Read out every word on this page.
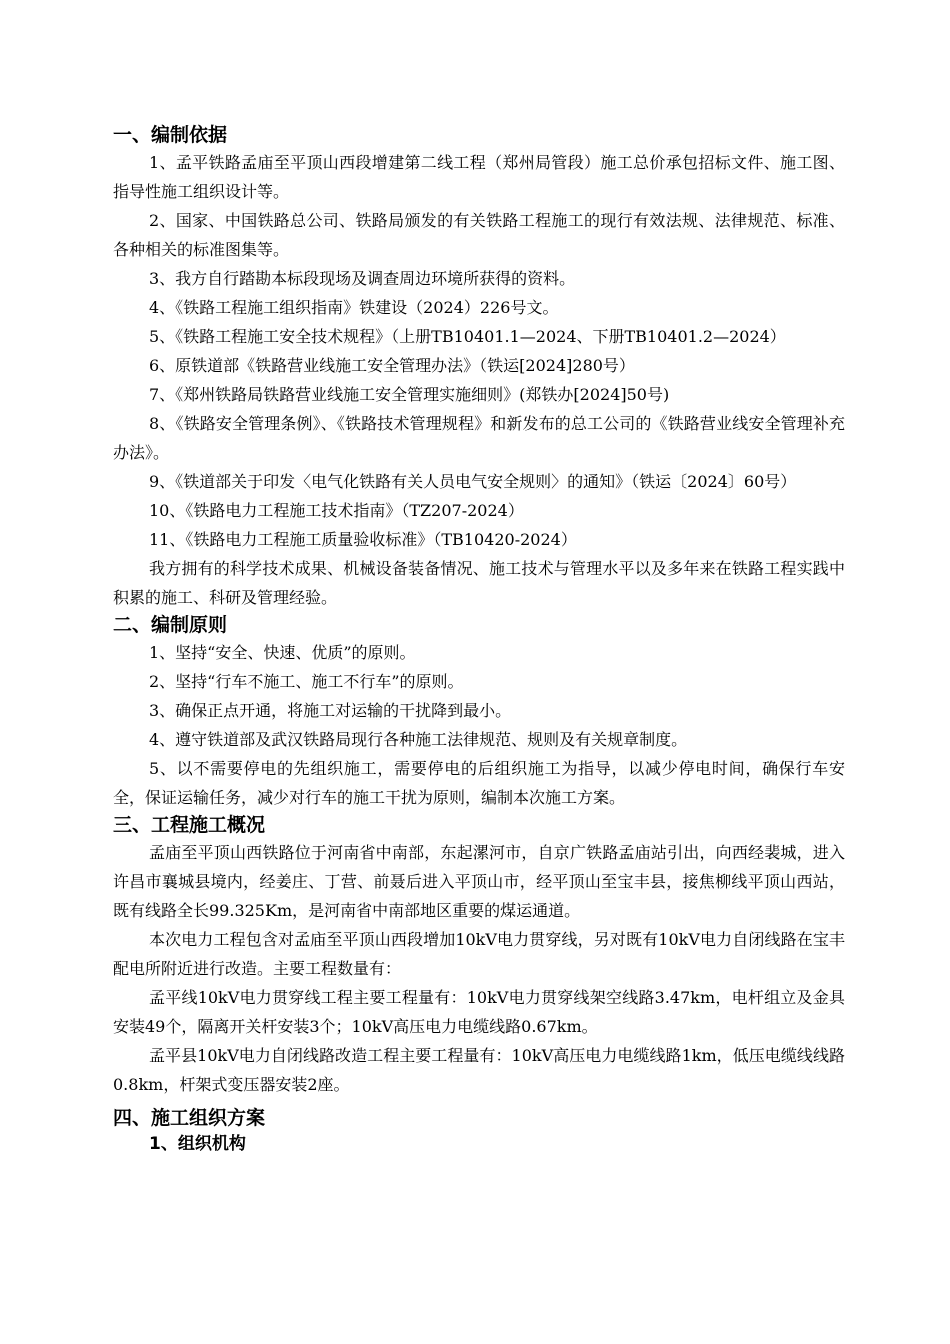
一、编制依据

1、孟平铁路孟庙至平顶山西段增建第二线工程（郑州局管段）施工总价承包招标文件、施工图、指导性施工组织设计等。

2、国家、中国铁路总公司、铁路局颁发的有关铁路工程施工的现行有效法规、法律规范、标准、各种相关的标准图集等。

3、我方自行踏勘本标段现场及调查周边环境所获得的资料。

4、《铁路工程施工组织指南》铁建设（2024）226号文。

5、《铁路工程施工安全技术规程》（上册TB10401.1—2024、下册TB10401.2—2024）

6、原铁道部《铁路营业线施工安全管理办法》（铁运[2024]280号）

7、《郑州铁路局铁路营业线施工安全管理实施细则》(郑铁办[2024]50号)

8、《铁路安全管理条例》、《铁路技术管理规程》和新发布的总工公司的《铁路营业线安全管理补充办法》。

9、《铁道部关于印发〈电气化铁路有关人员电气安全规则〉的通知》（铁运〔2024〕60号）

10、《铁路电力工程施工技术指南》（TZ207-2024）

11、《铁路电力工程施工质量验收标准》（TB10420-2024）

我方拥有的科学技术成果、机械设备装备情况、施工技术与管理水平以及多年来在铁路工程实践中积累的施工、科研及管理经验。

二、编制原则

1、坚持“安全、快速、优质”的原则。

2、坚持“行车不施工、施工不行车”的原则。

3、确保正点开通，将施工对运输的干扰降到最小。

4、遵守铁道部及武汉铁路局现行各种施工法律规范、规则及有关规章制度。

5、以不需要停电的先组织施工，需要停电的后组织施工为指导，以减少停电时间，确保行车安全，保证运输任务，减少对行车的施工干扰为原则，编制本次施工方案。

三、工程施工概况

孟庙至平顶山西铁路位于河南省中南部，东起漯河市，自京广铁路孟庙站引出，向西经裴城，进入许昌市襄城县境内，经姜庄、丁营、前聂后进入平顶山市，经平顶山至宝丰县，接焦柳线平顶山西站，既有线路全长99.325Km，是河南省中南部地区重要的煤运通道。

本次电力工程包含对孟庙至平顶山西段增加10kV电力贯穿线，另对既有10kV电力自闭线路在宝丰配电所附近进行改造。主要工程数量有：

孟平线10kV电力贯穿线工程主要工程量有：10kV电力贯穿线架空线路3.47km，电杆组立及金具安装49个，隔离开关杆安装3个；10kV高压电力电缆线路0.67km。

孟平县10kV电力自闭线路改造工程主要工程量有：10kV高压电力电缆线路1km，低压电缆线线路0.8km，杆架式变压器安装2座。

四、施工组织方案
1、组织机构
